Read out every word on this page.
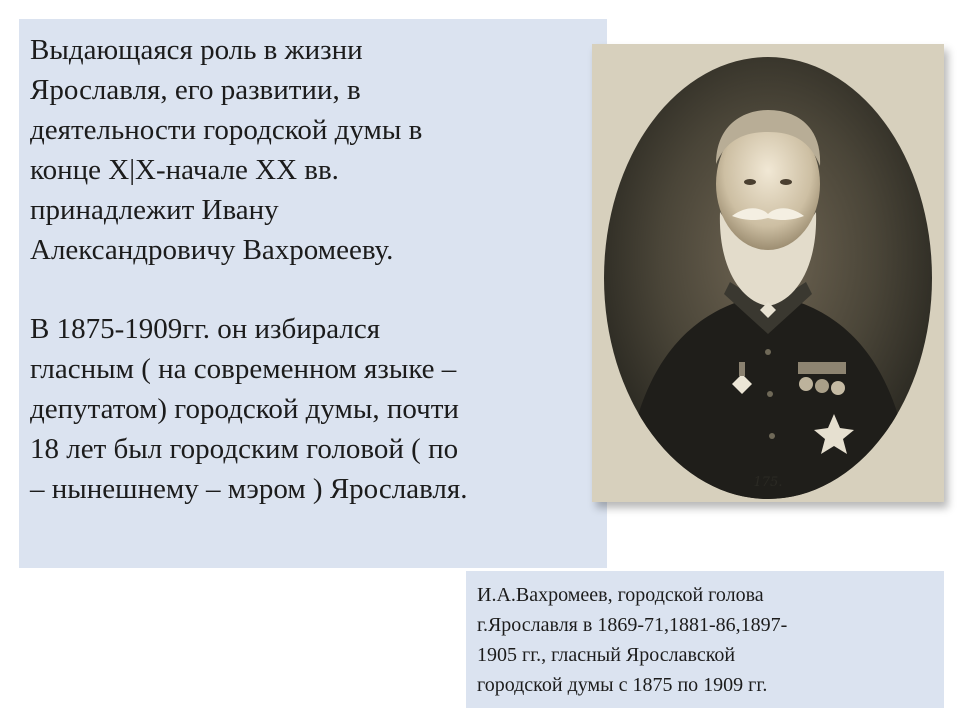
Выдающаяся роль в жизни

Ярославля, его развитии, в

деятельности городской думы в

конце Х|Х-начале ХХ вв.

принадлежит Ивану

Александровичу Вахромееву.

В 1875-1909гг. он избирался

гласным ( на современном языке –

депутатом) городской думы, почти

18 лет был городским головой ( по

– нынешнему – мэром ) Ярославля.	175.

И.А.Вахромеев, городской голова

г.Ярославля в 1869-71,1881-86,1897-

1905 гг., гласный Ярославской

городской думы с 1875 по 1909 гг.
